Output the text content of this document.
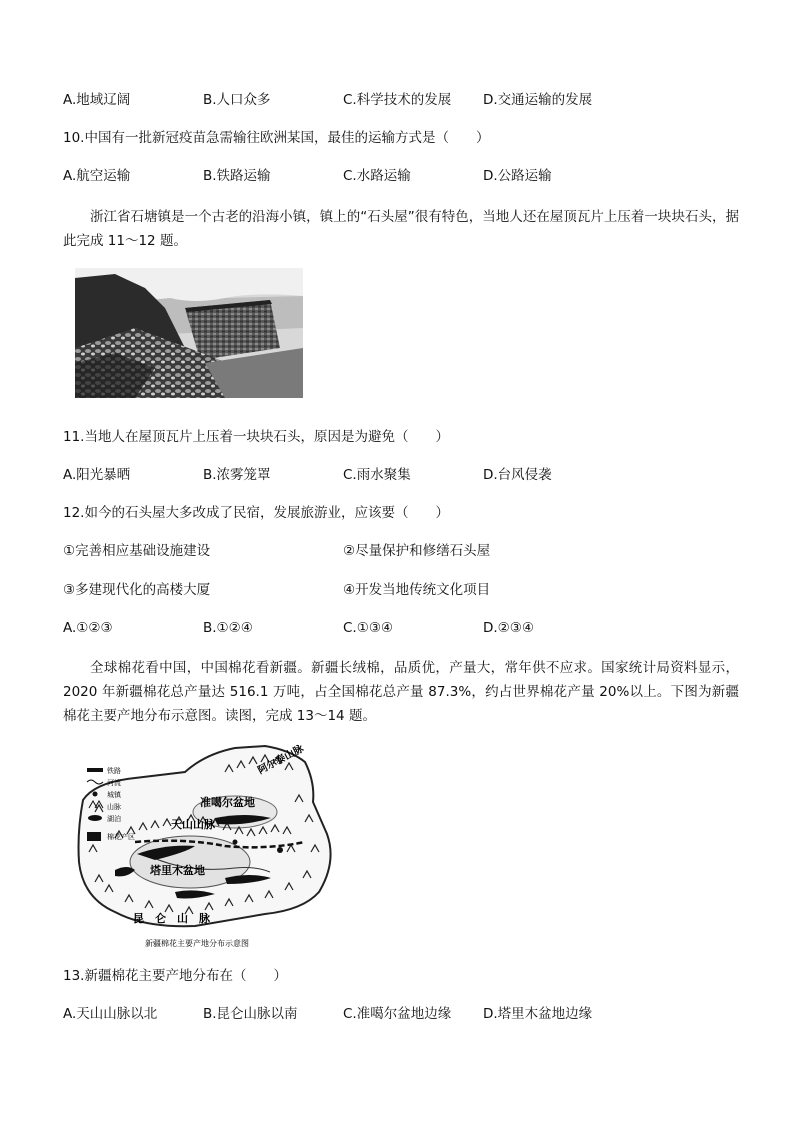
A.地域辽阔	B.人口众多	C.科学技术的发展 D.交通运输的发展
10.中国有一批新冠疫苗急需输往欧洲某国，最佳的运输方式是（　　）
A.航空运输	B.铁路运输	C.水路运输	D.公路运输
浙江省石塘镇是一个古老的沿海小镇，镇上的“石头屋”很有特色，当地人还在屋顶瓦片上压着一块块石头，据此完成 11～12 题。
11.当地人在屋顶瓦片上压着一块块石头，原因是为避免（　　）
A.阳光暴晒	B.浓雾笼罩	C.雨水聚集	D.台风侵袭
12.如今的石头屋大多改成了民宿，发展旅游业，应该要（　　）
①完善相应基础设施建设	②尽量保护和修缮石头屋
③多建现代化的高楼大厦	④开发当地传统文化项目
A.①②③	B.①②④	C.①③④	D.②③④
全球棉花看中国，中国棉花看新疆。新疆长绒棉，品质优，产量大，常年供不应求。国家统计局资料显示，2020 年新疆棉花总产量达 516.1 万吨，占全国棉花总产量 87.3%，约占世界棉花产量 20%以上。下图为新疆棉花主要产地分布示意图。读图，完成 13～14 题。
铁路
河流
城镇
山脉
湖泊
棉花产区
阿尔泰山脉
准噶尔盆地
天山山脉
塔里木盆地
昆　仑　山　脉
新疆棉花主要产地分布示意图
13.新疆棉花主要产地分布在（　　）
A.天山山脉以北	B.昆仑山脉以南	C.准噶尔盆地边缘 D.塔里木盆地边缘
